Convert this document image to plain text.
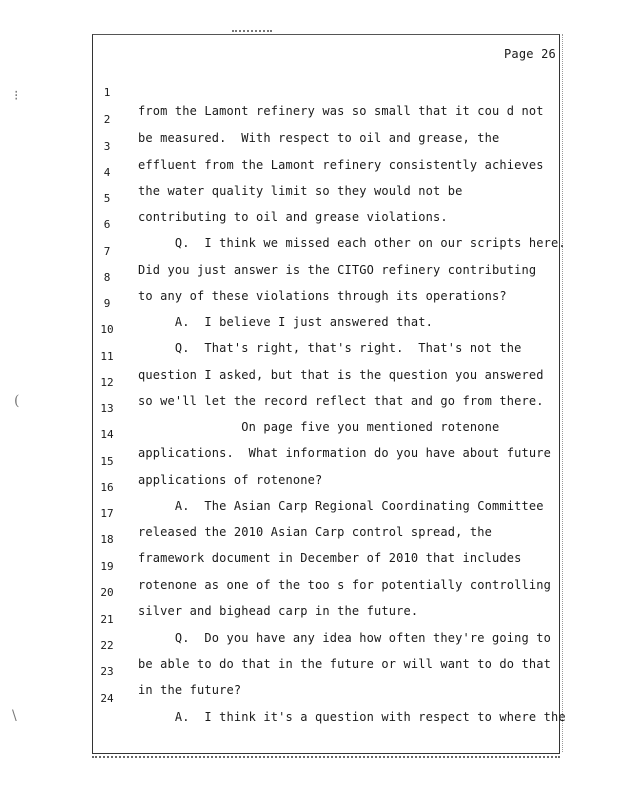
⁝
(
\
Page 26

1

from the Lamont refinery was so small that it cou d not

2

be measured.  With respect to oil and grease, the

3

effluent from the Lamont refinery consistently achieves

4

the water quality limit so they would not be

5

contributing to oil and grease violations.

6

Q.  I think we missed each other on our scripts here.

7

Did you just answer is the CITGO refinery contributing

8

to any of these violations through its operations?

9

A.  I believe I just answered that.

10

Q.  That's right, that's right.  That's not the

11

question I asked, but that is the question you answered

12

so we'll let the record reflect that and go from there.

13

On page five you mentioned rotenone

14

applications.  What information do you have about future

15

applications of rotenone?

16

A.  The Asian Carp Regional Coordinating Committee

17

released the 2010 Asian Carp control spread, the

18

framework document in December of 2010 that includes

19

rotenone as one of the too s for potentially controlling

20

silver and bighead carp in the future.

21

Q.  Do you have any idea how often they're going to

22

be able to do that in the future or will want to do that

23

in the future?

24

A.  I think it's a question with respect to where the
